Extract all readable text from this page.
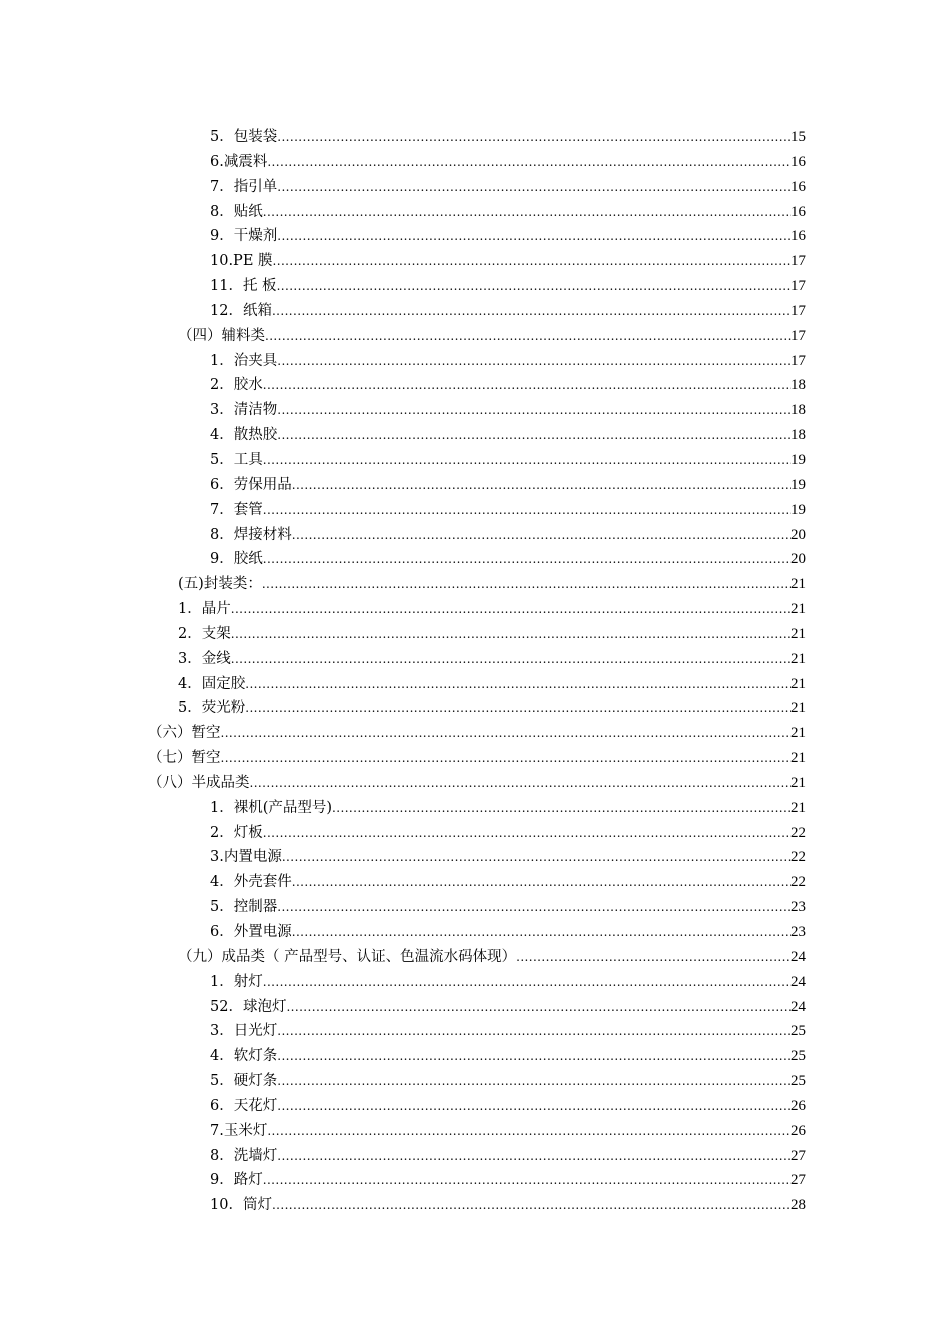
5．包装袋 .....	15
6.减震料 .....	16
7．指引单 .....	16
8．贴纸 .....	16
9．干燥剂 .....	16
10.PE 膜 .....	17
11．托 板 .....	17
12．纸箱 .....	17
（四）辅料类 .....	17
1．治夹具 .....	17
2．胶水 .....	18
3．清洁物 .....	18
4．散热胶 .....	18
5．工具 .....	19
6．劳保用品 .....	19
7．套管 .....	19
8．焊接材料 .....	20
9．胶纸 .....	20
(五)封装类： .....	21
1．晶片 .....	21
2．支架 .....	21
3．金线 .....	21
4．固定胶 .....	21
5．荧光粉 .....	21
（六）暂空 .....	21
（七）暂空 .....	21
（八）半成品类 .....	21
1．裸机(产品型号) .....	21
2．灯板 .....	22
3.内置电源 .....	22
4．外壳套件 .....	22
5．控制器 .....	23
6．外置电源 .....	23
（九）成品类（ 产品型号、认证、色温流水码体现） .....	24
1．射灯 .....	24
52．球泡灯 .....	24
3．日光灯 .....	25
4．软灯条 .....	25
5．硬灯条 .....	25
6．天花灯 .....	26
7.玉米灯 .....	26
8．洗墙灯 .....	27
9．路灯 .....	27
10．筒灯 .....	28
